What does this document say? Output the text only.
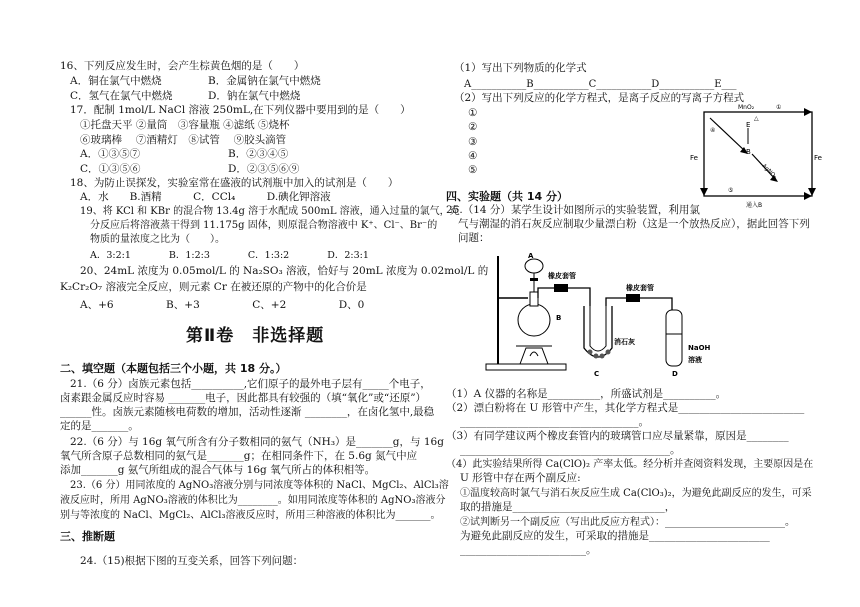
16、下列反应发生时，会产生棕黄色烟的是（　　）
A．铜在氯气中燃烧	B．金属钠在氯气中燃烧
C．氢气在氯气中燃烧	D．钠在氯气中燃烧
17．配制 1mol/L NaCl 溶液 250mL,在下列仪器中要用到的是（　　）
①托盘天平 ②量筒　③容量瓶 ④滤纸 ⑤烧杯
⑥玻璃棒　 ⑦酒精灯　⑧试管　 ⑨胶头滴管
A．①③⑤⑦	B．②③④⑤
C．①③⑤⑥	D．②③⑤⑥⑨
18、为防止误探发，实验室常在盛液的试剂瓶中加入的试剂是（　　）
A．水　　B.酒精　　　C．CCl₄　　　D.碘化钾溶液
19、将 KCl 和 KBr 的混合物 13.4g 溶于水配成 500mL 溶液，通入过量的氯气，充
分反应后将溶液蒸干得到 11.175g 固体，则原混合物溶液中 K⁺、Cl⁻、Br⁻的
物质的量浓度之比为（　　）。
A．3:2:1　　　　B．1:2:3　　　　C．1:3:2　　　　D．2:3:1
20、24mL 浓度为 0.05mol/L 的 Na₂SO₃ 溶液，恰好与 20mL 浓度为 0.02mol/L 的
K₂Cr₂O₇ 溶液完全反应，则元素 Cr 在被还原的产物中的化合价是
A、+6　　　　　B、+3　　　　　C、+2　　　　　D、0
第Ⅱ卷　非选择题
二、填空题（本题包括三个小题，共 18 分。）
21.（6 分）卤族元素包括__________,它们原子的最外电子层有_____个电子，
卤素跟金属反应时容易 _______电子，因此都具有较强的（填“氧化”或“还原”）
______性。卤族元素随核电荷数的增加，活动性逐渐 ________，在卤化氢中,最稳
定的是_______。
22.（6 分）与 16g 氧气所含有分子数相同的氨气（NH₃）是_______g，与 16g
氧气所含原子总数相同的氨气是_______g；在相同条件下，在 5.6g 氮气中应
添加_______g 氨气所组成的混合气体与 16g 氧气所占的体积相等。
23.（6 分）用同浓度的 AgNO₃溶液分别与同浓度等体积的 NaCl、MgCl₂、AlCl₃溶
液反应时，所用 AgNO₃溶液的体积比为________。如用同浓度等体积的 AgNO₃溶液分
别与等浓度的 NaCl、MgCl₂、AlCl₃溶液反应时，所用三种溶液的体积比为_______。
三、推断题
24.（15)根据下图的互变关系，回答下列问题：
（1）写出下列物质的化学式
A___________B___________C___________D___________E___
（2）写出下列反应的化学方程式，是离子反应的写离子方程式
①
②
③
④
⑤
MnO₂
△
①
E
Fe	Fe
B
AgNO₃
通入B
④
⑤
四、实验题（共 14 分）
25.（14 分）某学生设计如图所示的实验装置，利用氯
气与潮湿的消石灰反应制取少量漂白粉（这是一个放热反应），据此回答下列
问题：
A
B
C	D
橡皮套管
橡皮套管
消石灰
NaOH
溶液
（1）A 仪器的名称是__________，所盛试剂是__________。
（2）漂白粉将在 U 形管中产生，其化学方程式是________________________
__________________________________。
（3）有同学建议两个橡皮套管内的玻璃管口应尽量紧靠，原因是________
________________________________________。
（4）此实验结果所得 Ca(ClO)₂ 产率太低。经分析并查阅资料发现，主要原因是在
U 形管中存在两个副反应:
①温度较高时氯气与消石灰反应生成 Ca(ClO₃)₂，为避免此副反应的发生，可采
取的措施是_____________________________，
②试判断另一个副反应（写出此反应方程式）：________________________。
为避免此副反应的发生，可采取的措施是_______________________
________________________。
